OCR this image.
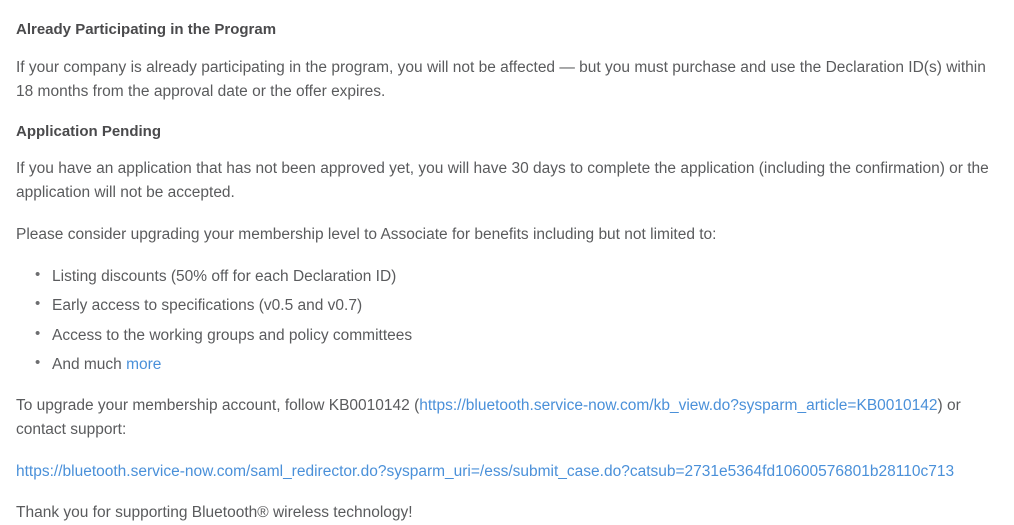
Already Participating in the Program

If your company is already participating in the program, you will not be affected — but you must purchase and use the Declaration ID(s) within 18 months from the approval date or the offer expires.

Application Pending

If you have an application that has not been approved yet, you will have 30 days to complete the application (including the confirmation) or the application will not be accepted.

Please consider upgrading your membership level to Associate for benefits including but not limited to:

• Listing discounts (50% off for each Declaration ID)
• Early access to specifications (v0.5 and v0.7)
• Access to the working groups and policy committees
• And much more

To upgrade your membership account, follow KB0010142 (https://bluetooth.service-now.com/kb_view.do?sysparm_article=KB0010142) or contact support:

https://bluetooth.service-now.com/saml_redirector.do?sysparm_uri=/ess/submit_case.do?catsub=2731e5364fd10600576801b28110c713

Thank you for supporting Bluetooth® wireless technology!
